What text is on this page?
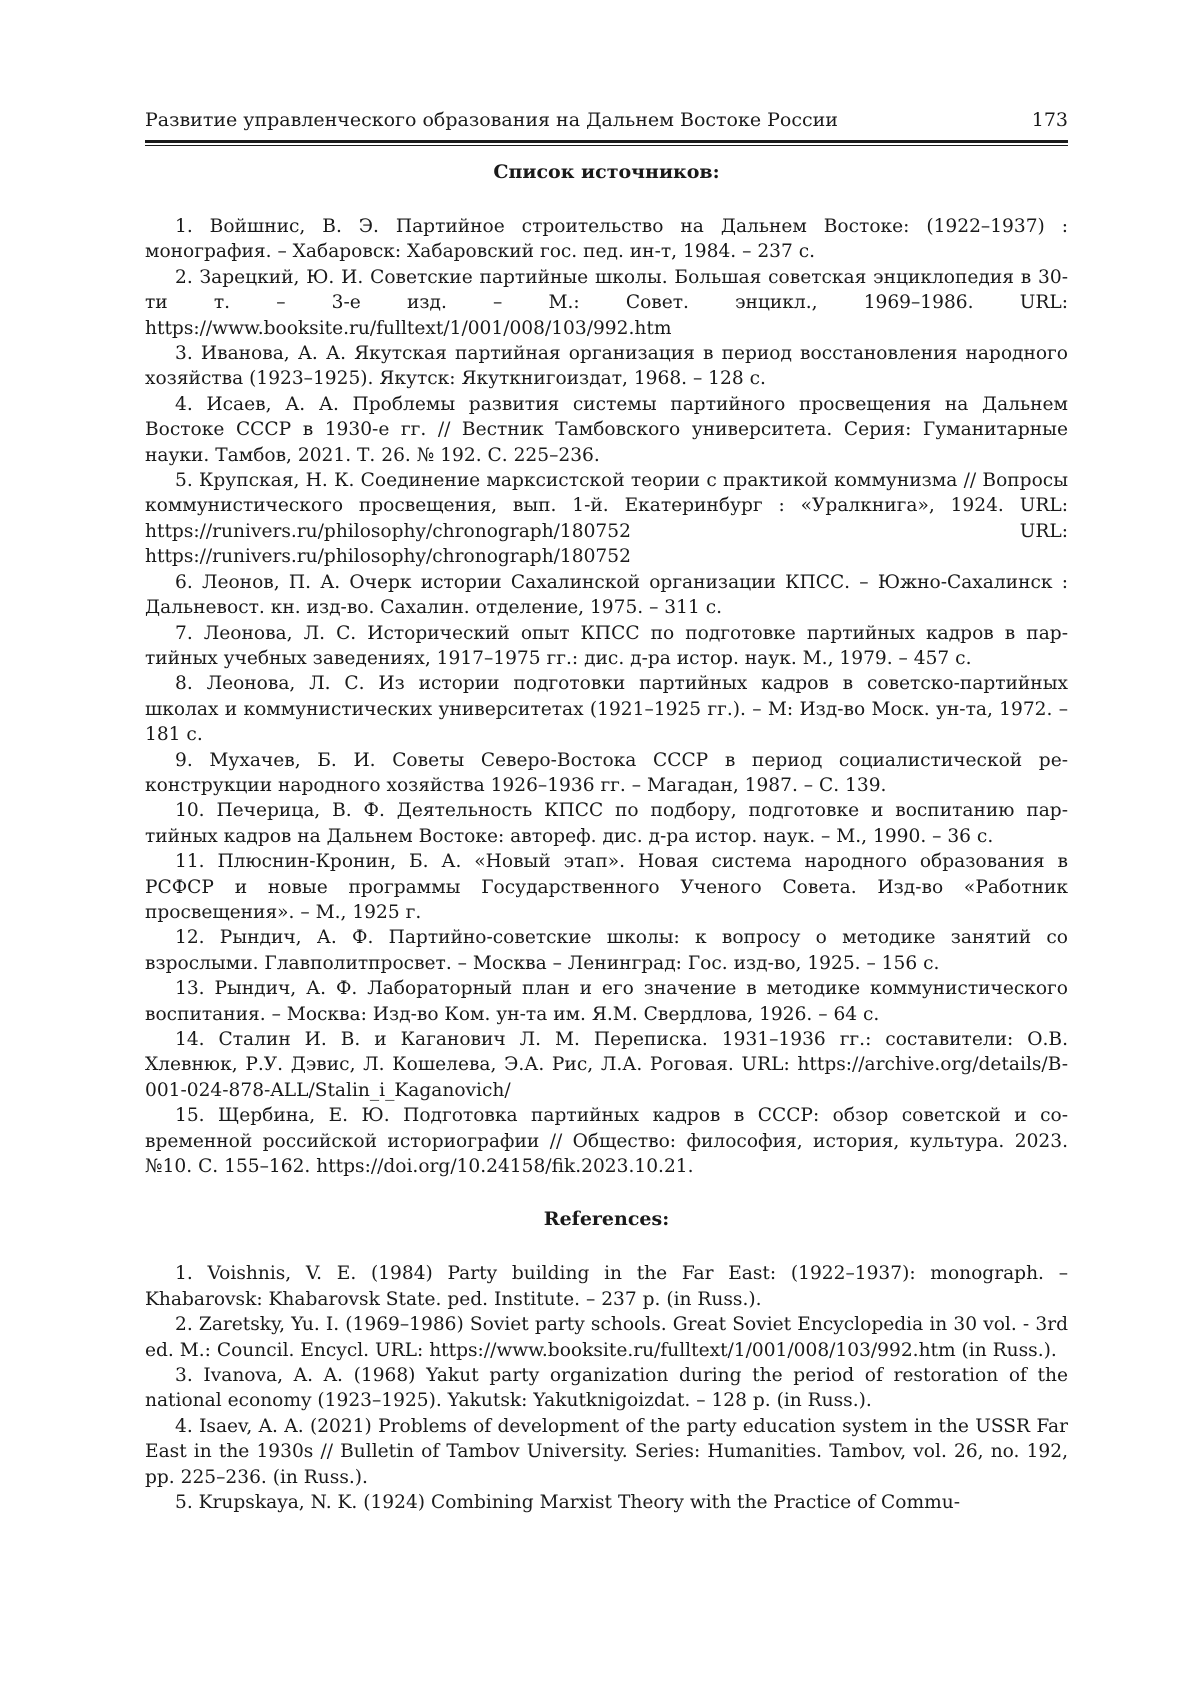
Развитие управленческого образования на Дальнем Востоке России	173
Список источников:

1. Войшнис, В. Э. Партийное строительство на Дальнем Востоке: (1922–1937) : монография. – Хабаровск: Хабаровский гос. пед. ин-т, 1984. – 237 с.

2. Зарецкий, Ю. И. Советские партийные школы. Большая советская энциклопе­дия в 30-ти т. – 3-е изд. – М.: Совет. энцикл., 1969–1986. URL: https://www.booksite.ru/fulltext/1/001/008/103/992.htm

3. Иванова, А. А. Якутская партийная организация в период восстановления на­родного хозяйства (1923–1925). Якутск: Якуткнигоиздат, 1968. – 128 с.

4. Исаев, А. А. Проблемы развития системы партийного просвещения на Дальнем Востоке СССР в 1930-е гг. // Вестник Тамбовского университета. Серия: Гуманитар­ные науки. Тамбов, 2021. Т. 26. № 192. С. 225–236.

5. Крупская, Н. К. Соединение марксистской теории с практикой коммунизма // Вопросы коммунистического просвещения, вып. 1-й. Екатеринбург : «Уралкни­га», 1924. URL: https://runivers.ru/philosophy/chronograph/180752 URL: https://runivers.ru/philosophy/chronograph/180752

6. Леонов, П. А. Очерк истории Сахалинской организации КПСС. – Южно-Сахалинск : Дальневост. кн. изд-во. Сахалин. отделение, 1975. – 311 с.

7. Леонова, Л. С. Исторический опыт КПСС по подготовке партийных кадров в пар­тийных учебных заведениях, 1917–1975 гг.: дис. д-ра истор. наук. М., 1979. – 457 с.

8. Леонова, Л. С. Из истории подготовки партийных кадров в советско-партийных школах и коммунистических университетах (1921–1925 гг.). – М: Изд-во Моск. ун-та, 1972. – 181 с.

9. Мухачев, Б. И. Советы Северо-Востока СССР в период социалистической ре­конструкции народного хозяйства 1926–1936 гг. – Магадан, 1987. – С. 139.

10. Печерица, В. Ф. Деятельность КПСС по подбору, подготовке и воспитанию пар­тийных кадров на Дальнем Востоке: автореф. дис. д-ра истор. наук. – М., 1990. – 36 с.

11. Плюснин-Кронин, Б. А. «Новый этап». Новая система народного образования в РСФСР и новые программы Государственного Ученого Совета. Изд-во «Работник просвещения». – М., 1925 г.

12. Рындич, А. Ф. Партийно-советские школы: к вопросу о методике занятий со взрослыми. Главполитпросвет. – Москва – Ленинград: Гос. изд-во, 1925. – 156 с.

13. Рындич, А. Ф. Лабораторный план и его значение в методике коммунистиче­ского воспитания. – Москва: Изд-во Ком. ун-та им. Я.М. Свердлова, 1926. – 64 с.

14. Сталин И. В. и Каганович Л. М. Переписка. 1931–1936 гг.: составители: О.В. Хлевнюк, Р.У. Дэвис, Л. Кошелева, Э.А. Рис, Л.А. Роговая. URL: https://archive.org/details/B-001-024-878-ALL/Stalin_i_Kaganovich/

15. Щербина, Е. Ю. Подготовка партийных кадров в СССР: обзор советской и со­временной российской историографии // Общество: философия, история, культура. 2023. №10. С. 155–162. https://doi.org/10.24158/fik.2023.10.21.

References:

1. Voishnis, V. E. (1984) Party building in the Far East: (1922–1937): monograph. – Khabarovsk: Khabarovsk State. ped. Institute. – 237 p. (in Russ.).

2. Zaretsky, Yu. I. (1969–1986) Soviet party schools. Great Soviet Encyclopedia in 30 vol. - 3rd ed. M.: Council. Encycl. URL: https://www.booksite.ru/fulltext/1/001/008/103/992.htm (in Russ.).

3. Ivanova, A. A. (1968) Yakut party organization during the period of restoration of the national economy (1923–1925). Yakutsk: Yakutknigoizdat. – 128 p. (in Russ.).

4. Isaev, A. A. (2021) Problems of development of the party education system in the USSR Far East in the 1930s // Bulletin of Tambov University. Series: Humanities. Tam­bov, vol. 26, no. 192, pp. 225–236. (in Russ.).

5. Krupskaya, N. K. (1924) Combining Marxist Theory with the Practice of Commu-
